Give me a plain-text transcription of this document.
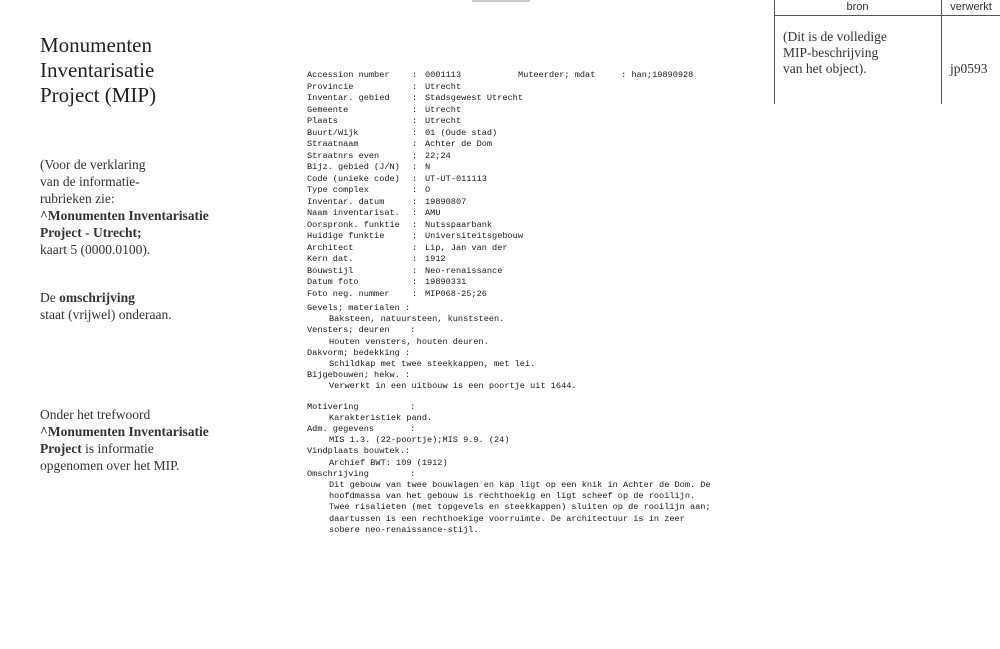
Monumenten
Inventarisatie
Project (MIP)
(Voor de verklaring
van de informatie-
rubrieken zie:
^Monumenten Inventarisatie
Project - Utrecht;
kaart 5 (0000.0100).
De omschrijving
staat (vrijwel) onderaan.
Onder het trefwoord
^Monumenten Inventarisatie
Project is informatie
opgenomen over het MIP.
bron	verwerkt
(Dit is de volledige
MIP-beschrijving
van het object).	jp0593
Muteerder; mdat     : han;19890928
Accession number	: 0001113
Provincie	: Utrecht
Inventar. gebied	: Stadsgewest Utrecht
Gemeente	: Utrecht
Plaats	: Utrecht
Buurt/Wijk	: 01 (Oude stad)
Straatnaam	: Achter de Dom
Straatnrs even	: 22;24
Bijz. gebied (J/N)	: N
Code (unieke code)	: UT-UT-011113
Type complex	: O
Inventar. datum	: 19890807
Naam inventarisat.	: AMU
Oorspronk. funktie	: Nutsspaarbank
Huidige funktie	: Universiteitsgebouw
Architect	: Lip, Jan van der
Kern dat.	: 1912
Bouwstijl	: Neo-renaissance
Datum foto	: 19890331
Foto neg. nummer	: MIP068-25;26
Gevels; materialen :
Baksteen, natuursteen, kunststeen.
Vensters; deuren    :
Houten vensters, houten deuren.
Dakvorm; bedekking :
Schildkap met twee steekkappen, met lei.
Bijgebouwen; hekw. :
Verwerkt in een uitbouw is een poortje uit 1644.
Motivering          :
Karakteristiek pand.
Adm. gegevens       :
MIS 1.3. (22-poortje);MIS 9.9. (24)
Vindplaats bouwtek.:
Archief BWT: 109 (1912)
Omschrijving        :
Dit gebouw van twee bouwlagen en kap ligt op een knik in Achter de Dom. De
hoofdmassa van het gebouw is rechthoekig en ligt scheef op de rooilijn.
Twee risalieten (met topgevels en steekkappen) sluiten op de rooilijn aan;
daartussen is een rechthoekige voorruimte. De architectuur is in zeer
sobere neo-renaissance-stijl.
